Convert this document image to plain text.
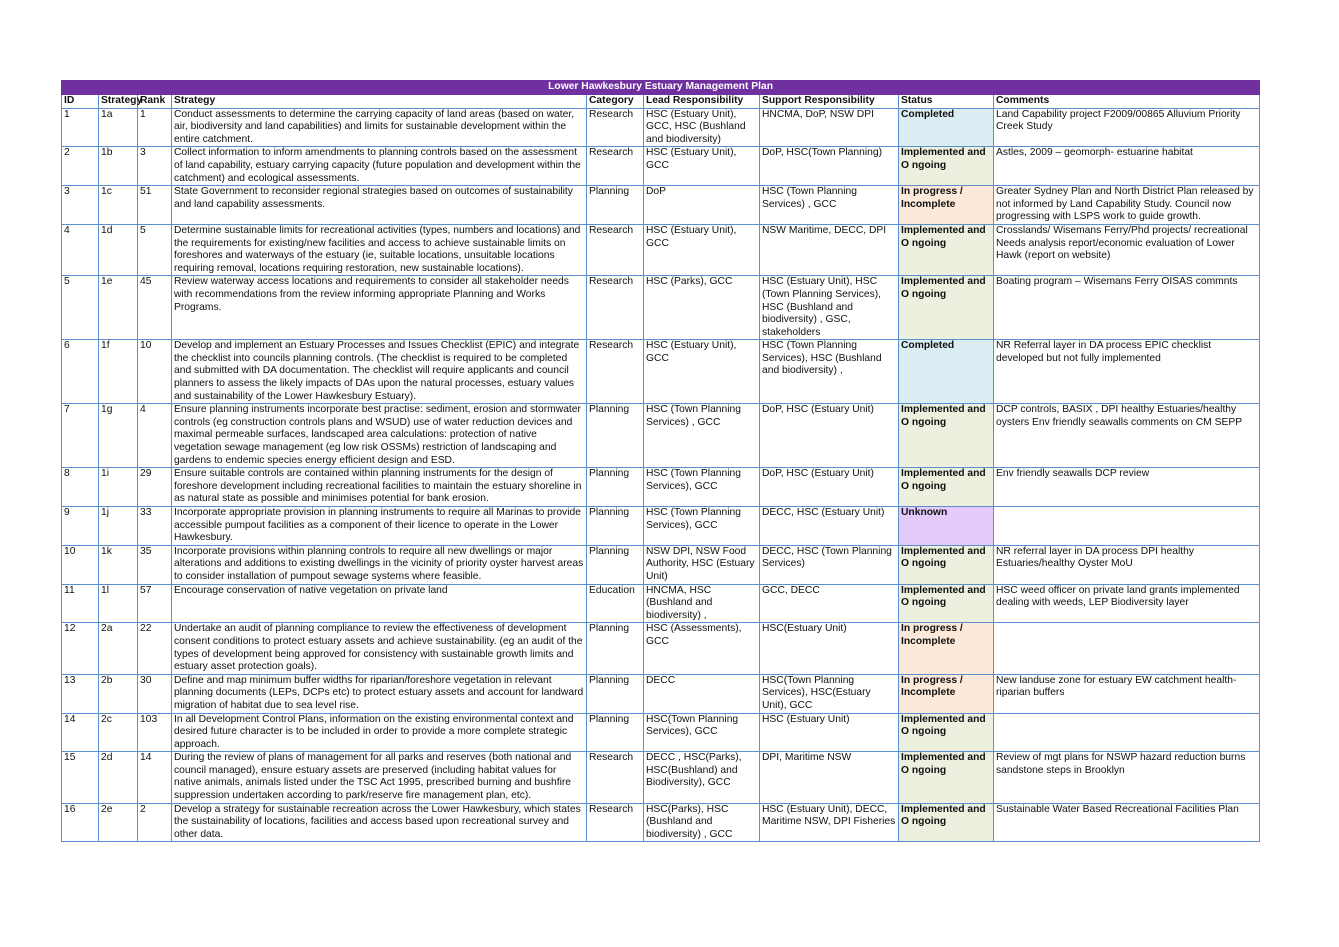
Lower Hawkesbury Estuary Management Plan								
ID	Strategy	Rank	Strategy	Category	Lead Responsibility	Support Responsibility	Status	Comments
1	1a	1	Conduct assessments to determine the carrying capacity of land areas (based on water, air, biodiversity and land capabilities) and limits for sustainable development within the entire catchment.	Research	HSC (Estuary Unit), GCC, HSC (Bushland and biodiversity)	HNCMA, DoP, NSW DPI	Completed	Land Capability project F2009/00865 Alluvium Priority Creek Study
2	1b	3	Collect information to inform amendments to planning controls based on the assessment of land capability, estuary carrying capacity (future population and development within the catchment) and ecological assessments.	Research	HSC (Estuary Unit), GCC	DoP, HSC(Town Planning)	Implemented and O ngoing	Astles, 2009 – geomorph- estuarine habitat
3	1c	51	State Government to reconsider regional strategies based on outcomes of sustainability and land capability assessments.	Planning	DoP	HSC (Town Planning Services) , GCC	In progress / Incomplete	Greater Sydney Plan and North District Plan released by not informed by Land Capability Study. Council now progressing with LSPS work to guide growth.
4	1d	5	Determine sustainable limits for recreational activities (types, numbers and locations) and the requirements for existing/new facilities and access to achieve sustainable limits on foreshores and waterways of the estuary (ie, suitable locations, unsuitable locations requiring removal, locations requiring restoration, new sustainable locations).	Research	HSC (Estuary Unit), GCC	NSW Maritime, DECC, DPI	Implemented and O ngoing	Crosslands/ Wisemans Ferry/Phd projects/ recreational Needs analysis report/economic evaluation of Lower Hawk (report on website)
5	1e	45	Review waterway access locations and requirements to consider all stakeholder needs with recommendations from the review informing appropriate Planning and Works Programs.	Research	HSC (Parks), GCC	HSC (Estuary Unit), HSC (Town Planning Services), HSC (Bushland and biodiversity) , GSC, stakeholders	Implemented and O ngoing	Boating program – Wisemans Ferry OISAS commnts
6	1f	10	Develop and implement an Estuary Processes and Issues Checklist (EPIC) and integrate the checklist into councils planning controls. (The checklist is required to be completed and submitted with DA documentation. The checklist will require applicants and council planners to assess the likely impacts of DAs upon the natural processes, estuary values and sustainability of the Lower Hawkesbury Estuary).	Research	HSC (Estuary Unit), GCC	HSC (Town Planning Services), HSC (Bushland and biodiversity) ,	Completed	NR Referral layer in DA process EPIC checklist developed but not fully implemented
7	1g	4	Ensure planning instruments incorporate best practise: sediment, erosion and stormwater controls (eg construction controls plans and WSUD) use of water reduction devices and maximal permeable surfaces, landscaped area calculations: protection of native vegetation sewage management (eg low risk OSSMs) restriction of landscaping and gardens to endemic species energy efficient design and ESD.	Planning	HSC (Town Planning Services) , GCC	DoP, HSC (Estuary Unit)	Implemented and O ngoing	DCP controls, BASIX , DPI healthy Estuaries/healthy oysters Env friendly seawalls comments on CM SEPP
8	1i	29	Ensure suitable controls are contained within planning instruments for the design of foreshore development including recreational facilities to maintain the estuary shoreline in as natural state as possible and minimises potential for bank erosion.	Planning	HSC (Town Planning Services), GCC	DoP, HSC (Estuary Unit)	Implemented and O ngoing	Env friendly seawalls DCP review
9	1j	33	Incorporate appropriate provision in planning instruments to require all Marinas to provide accessible pumpout facilities as a component of their licence to operate in the Lower Hawkesbury.	Planning	HSC (Town Planning Services), GCC	DECC, HSC (Estuary Unit)	Unknown	
10	1k	35	Incorporate provisions within planning controls to require all new dwellings or major alterations and additions to existing dwellings in the vicinity of priority oyster harvest areas to consider installation of pumpout sewage systems where feasible.	Planning	NSW DPI, NSW Food Authority, HSC (Estuary Unit)	DECC, HSC (Town Planning Services)	Implemented and O ngoing	NR referral layer in DA process DPI healthy Estuaries/healthy Oyster MoU
11	1l	57	Encourage conservation of native vegetation on private land	Education	HNCMA, HSC (Bushland and biodiversity) ,	GCC, DECC	Implemented and O ngoing	HSC weed officer on private land grants implemented dealing with weeds, LEP Biodiversity layer
12	2a	22	Undertake an audit of planning compliance to review the effectiveness of development consent conditions to protect estuary assets and achieve sustainability. (eg an audit of the types of development being approved for consistency with sustainable growth limits and estuary asset protection goals).	Planning	HSC (Assessments), GCC	HSC(Estuary Unit)	In progress / Incomplete	
13	2b	30	Define and map minimum buffer widths for riparian/foreshore vegetation in relevant planning documents (LEPs, DCPs etc) to protect estuary assets and account for landward migration of habitat due to sea level rise.	Planning	DECC	HSC(Town Planning Services), HSC(Estuary Unit), GCC	In progress / Incomplete	New landuse zone for estuary EW catchment health- riparian buffers
14	2c	103	In all Development Control Plans, information on the existing environmental context and desired future character is to be included in order to provide a more complete strategic approach.	Planning	HSC(Town Planning Services), GCC	HSC (Estuary Unit)	Implemented and O ngoing	
15	2d	14	During the review of plans of management for all parks and reserves (both national and council managed), ensure estuary assets are preserved (including habitat values for native animals, animals listed under the TSC Act 1995, prescribed burning and bushfire suppression undertaken according to park/reserve fire management plan, etc).	Research	DECC , HSC(Parks), HSC(Bushland) and Biodiversity), GCC	DPI, Maritime NSW	Implemented and O ngoing	Review of mgt plans for NSWP hazard reduction burns sandstone steps in Brooklyn
16	2e	2	Develop a strategy for sustainable recreation across the Lower Hawkesbury, which states the sustainability of locations, facilities and access based upon recreational survey and other data.	Research	HSC(Parks), HSC (Bushland and biodiversity) , GCC	HSC (Estuary Unit), DECC, Maritime NSW, DPI Fisheries	Implemented and O ngoing	Sustainable Water Based Recreational Facilities Plan
